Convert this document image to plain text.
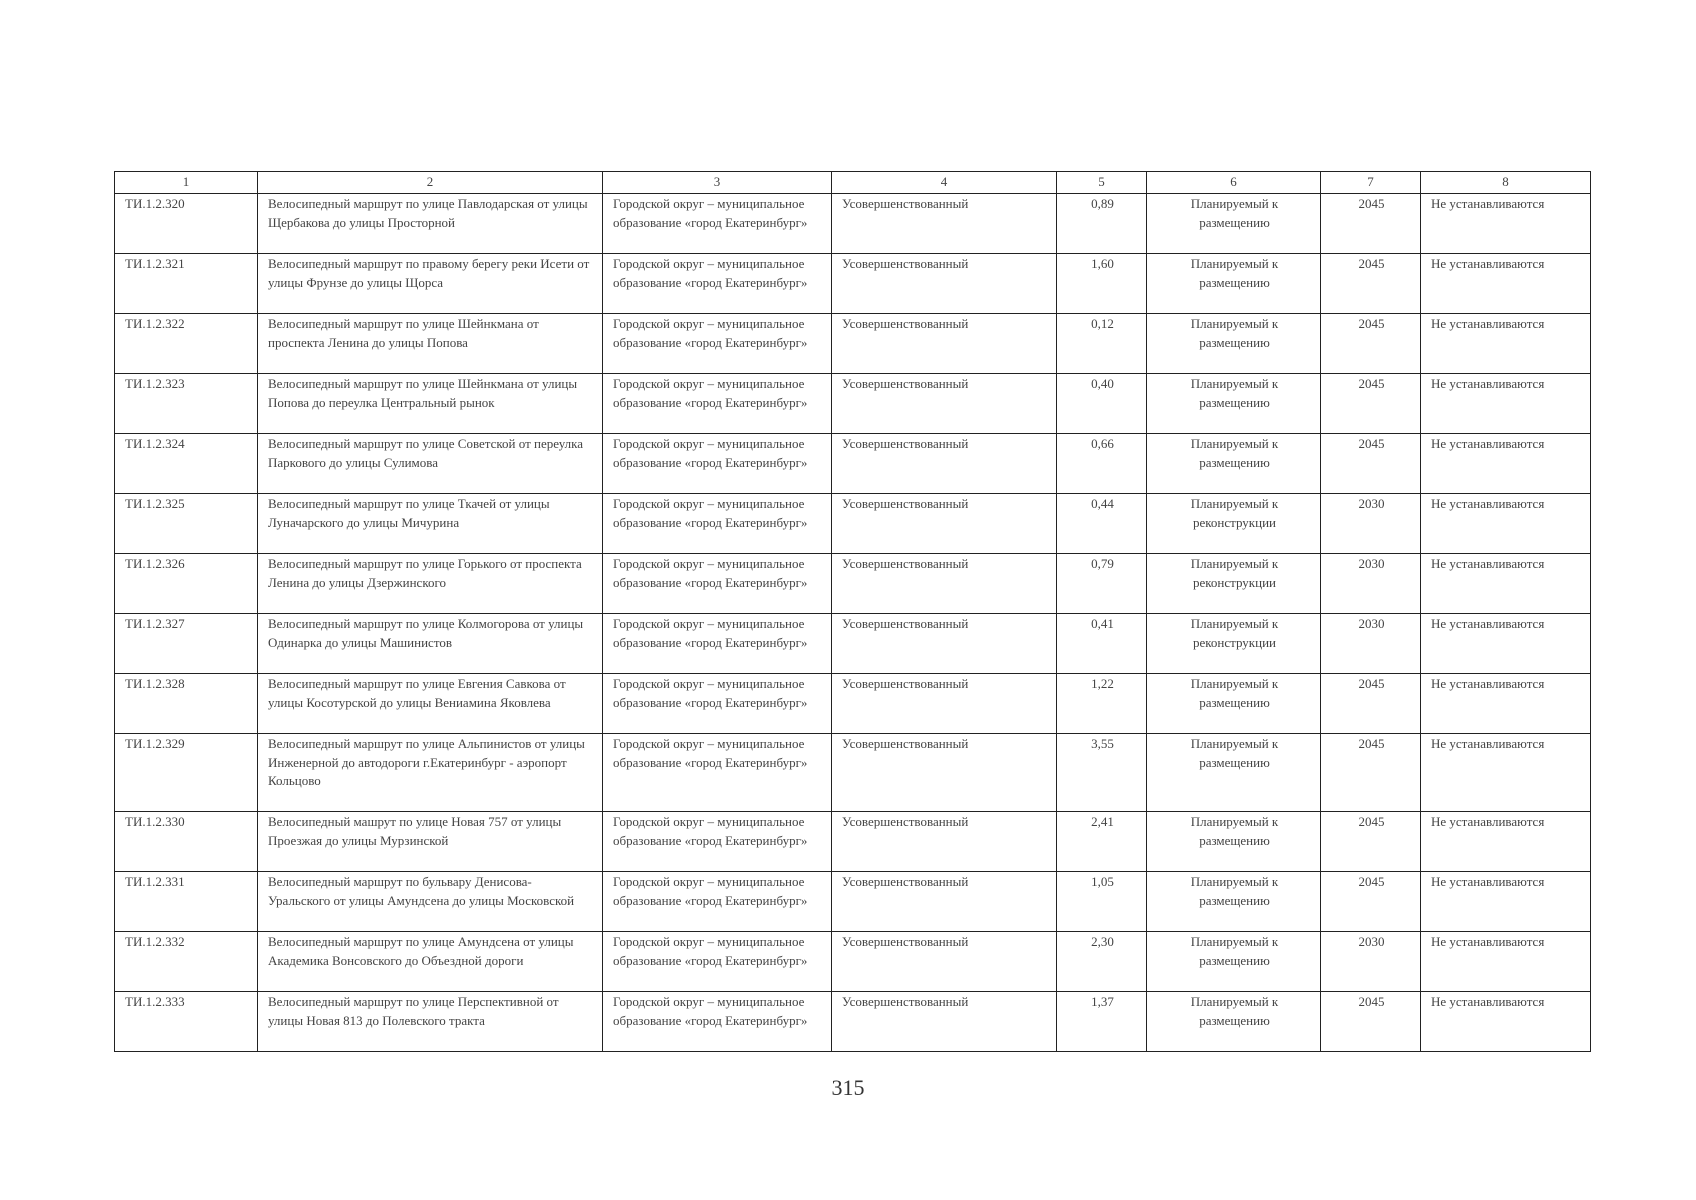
1	2	3	4	5	6	7	8
ТИ.1.2.320	Велосипедный маршрут по улице Павлодарская от улицы Щербакова до улицы Просторной	Городской округ – муниципальное образование «город Екатеринбург»	Усовершенствованный	0,89	Планируемый к размещению	2045	Не устанавливаются
ТИ.1.2.321	Велосипедный маршрут по правому берегу реки Исети от улицы Фрунзе до улицы Щорса	Городской округ – муниципальное образование «город Екатеринбург»	Усовершенствованный	1,60	Планируемый к размещению	2045	Не устанавливаются
ТИ.1.2.322	Велосипедный маршрут по улице Шейнкмана от проспекта Ленина до улицы Попова	Городской округ – муниципальное образование «город Екатеринбург»	Усовершенствованный	0,12	Планируемый к размещению	2045	Не устанавливаются
ТИ.1.2.323	Велосипедный маршрут по улице Шейнкмана от улицы Попова до переулка Центральный рынок	Городской округ – муниципальное образование «город Екатеринбург»	Усовершенствованный	0,40	Планируемый к размещению	2045	Не устанавливаются
ТИ.1.2.324	Велосипедный маршрут по улице Советской от переулка Паркового до улицы Сулимова	Городской округ – муниципальное образование «город Екатеринбург»	Усовершенствованный	0,66	Планируемый к размещению	2045	Не устанавливаются
ТИ.1.2.325	Велосипедный маршрут по улице Ткачей от улицы Луначарского до улицы Мичурина	Городской округ – муниципальное образование «город Екатеринбург»	Усовершенствованный	0,44	Планируемый к реконструкции	2030	Не устанавливаются
ТИ.1.2.326	Велосипедный маршрут по улице Горького от проспекта Ленина до улицы Дзержинского	Городской округ – муниципальное образование «город Екатеринбург»	Усовершенствованный	0,79	Планируемый к реконструкции	2030	Не устанавливаются
ТИ.1.2.327	Велосипедный маршрут по улице Колмогорова от улицы Одинарка до улицы Машинистов	Городской округ – муниципальное образование «город Екатеринбург»	Усовершенствованный	0,41	Планируемый к реконструкции	2030	Не устанавливаются
ТИ.1.2.328	Велосипедный маршрут по улице Евгения Савкова от улицы Косотурской до улицы Вениамина Яковлева	Городской округ – муниципальное образование «город Екатеринбург»	Усовершенствованный	1,22	Планируемый к размещению	2045	Не устанавливаются
ТИ.1.2.329	Велосипедный маршрут по улице Альпинистов от улицы Инженерной до автодороги г.Екатеринбург - аэропорт Кольцово	Городской округ – муниципальное образование «город Екатеринбург»	Усовершенствованный	3,55	Планируемый к размещению	2045	Не устанавливаются
ТИ.1.2.330	Велосипедный машрут по улице Новая 757 от улицы Проезжая до улицы Мурзинской	Городской округ – муниципальное образование «город Екатеринбург»	Усовершенствованный	2,41	Планируемый к размещению	2045	Не устанавливаются
ТИ.1.2.331	Велосипедный маршрут по бульвару Денисова-Уральского от улицы Амундсена до улицы Московской	Городской округ – муниципальное образование «город Екатеринбург»	Усовершенствованный	1,05	Планируемый к размещению	2045	Не устанавливаются
ТИ.1.2.332	Велосипедный маршрут по улице Амундсена от улицы Академика Вонсовского до Объездной дороги	Городской округ – муниципальное образование «город Екатеринбург»	Усовершенствованный	2,30	Планируемый к размещению	2030	Не устанавливаются
ТИ.1.2.333	Велосипедный маршрут по улице Перспективной от улицы Новая 813 до Полевского тракта	Городской округ – муниципальное образование «город Екатеринбург»	Усовершенствованный	1,37	Планируемый к размещению	2045	Не устанавливаются
315
